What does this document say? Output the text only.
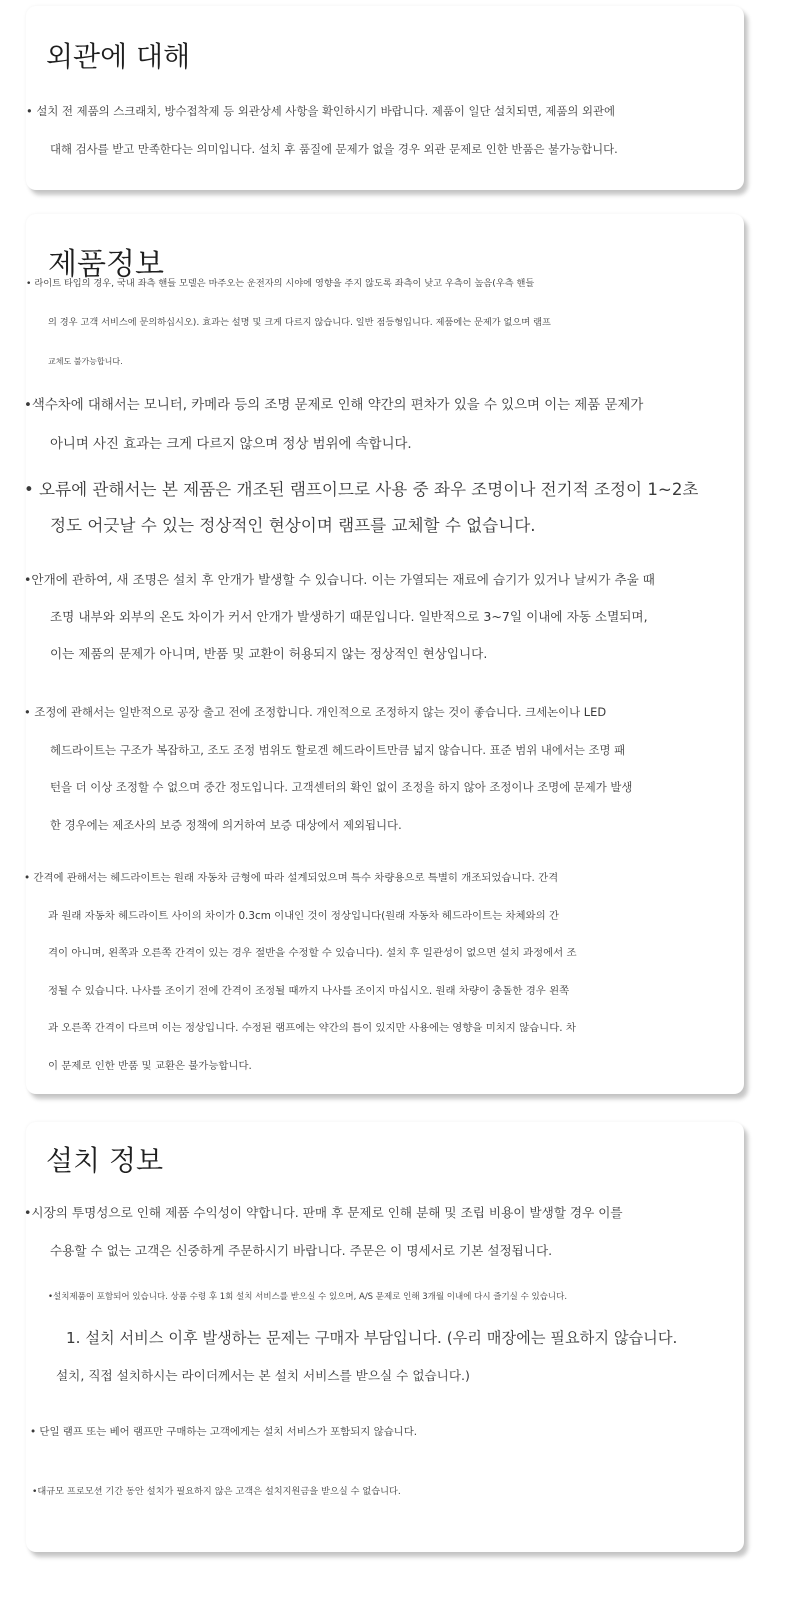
외관에 대해

• 설치 전 제품의 스크래치, 방수접착제 등 외관상세 사항을 확인하시기 바랍니다. 제품이 일단 설치되면, 제품의 외관에
대해 검사를 받고 만족한다는 의미입니다. 설치 후 품질에 문제가 없을 경우 외관 문제로 인한 반품은 불가능합니다.

제품정보

• 라이트 타입의 경우, 국내 좌측 핸들 모델은 마주오는 운전자의 시야에 영향을 주지 않도록 좌측이 낮고 우측이 높음(우측 핸들
의 경우 고객 서비스에 문의하십시오). 효과는 설명 및 크게 다르지 않습니다. 일반 점등형입니다. 제품에는 문제가 없으며 램프
교체도 불가능합니다.

•색수차에 대해서는 모니터, 카메라 등의 조명 문제로 인해 약간의 편차가 있을 수 있으며 이는 제품 문제가
아니며 사진 효과는 크게 다르지 않으며 정상 범위에 속합니다.

• 오류에 관해서는 본 제품은 개조된 램프이므로 사용 중 좌우 조명이나 전기적 조정이 1~2초
정도 어긋날 수 있는 정상적인 현상이며 램프를 교체할 수 없습니다.

•안개에 관하여, 새 조명은 설치 후 안개가 발생할 수 있습니다. 이는 가열되는 재료에 습기가 있거나 날씨가 추울 때
조명 내부와 외부의 온도 차이가 커서 안개가 발생하기 때문입니다. 일반적으로 3~7일 이내에 자동 소멸되며,
이는 제품의 문제가 아니며, 반품 및 교환이 허용되지 않는 정상적인 현상입니다.

• 조정에 관해서는 일반적으로 공장 출고 전에 조정합니다. 개인적으로 조정하지 않는 것이 좋습니다. 크세논이나 LED
헤드라이트는 구조가 복잡하고, 조도 조정 범위도 할로겐 헤드라이트만큼 넓지 않습니다. 표준 범위 내에서는 조명 패
턴을 더 이상 조정할 수 없으며 중간 정도입니다. 고객센터의 확인 없이 조정을 하지 않아 조정이나 조명에 문제가 발생
한 경우에는 제조사의 보증 정책에 의거하여 보증 대상에서 제외됩니다.

• 간격에 관해서는 헤드라이트는 원래 자동차 금형에 따라 설계되었으며 특수 차량용으로 특별히 개조되었습니다. 간격
과 원래 자동차 헤드라이트 사이의 차이가 0.3cm 이내인 것이 정상입니다(원래 자동차 헤드라이트는 차체와의 간
격이 아니며, 왼쪽과 오른쪽 간격이 있는 경우 절반을 수정할 수 있습니다). 설치 후 일관성이 없으면 설치 과정에서 조
정될 수 있습니다. 나사를 조이기 전에 간격이 조정될 때까지 나사를 조이지 마십시오. 원래 차량이 충돌한 경우 왼쪽
과 오른쪽 간격이 다르며 이는 정상입니다. 수정된 램프에는 약간의 틈이 있지만 사용에는 영향을 미치지 않습니다. 차
이 문제로 인한 반품 및 교환은 불가능합니다.

설치 정보

•시장의 투명성으로 인해 제품 수익성이 약합니다. 판매 후 문제로 인해 분해 및 조립 비용이 발생할 경우 이를
수용할 수 없는 고객은 신중하게 주문하시기 바랍니다. 주문은 이 명세서로 기본 설정됩니다.

•설치제품이 포함되어 있습니다. 상품 수령 후 1회 설치 서비스를 받으실 수 있으며, A/S 문제로 인해 3개월 이내에 다시 즐기실 수 있습니다.

1. 설치 서비스 이후 발생하는 문제는 구매자 부담입니다. (우리 매장에는 필요하지 않습니다.

설치, 직접 설치하시는 라이더께서는 본 설치 서비스를 받으실 수 없습니다.)

• 단일 램프 또는 베어 램프만 구매하는 고객에게는 설치 서비스가 포함되지 않습니다.

•대규모 프로모션 기간 동안 설치가 필요하지 않은 고객은 설치지원금을 받으실 수 없습니다.
